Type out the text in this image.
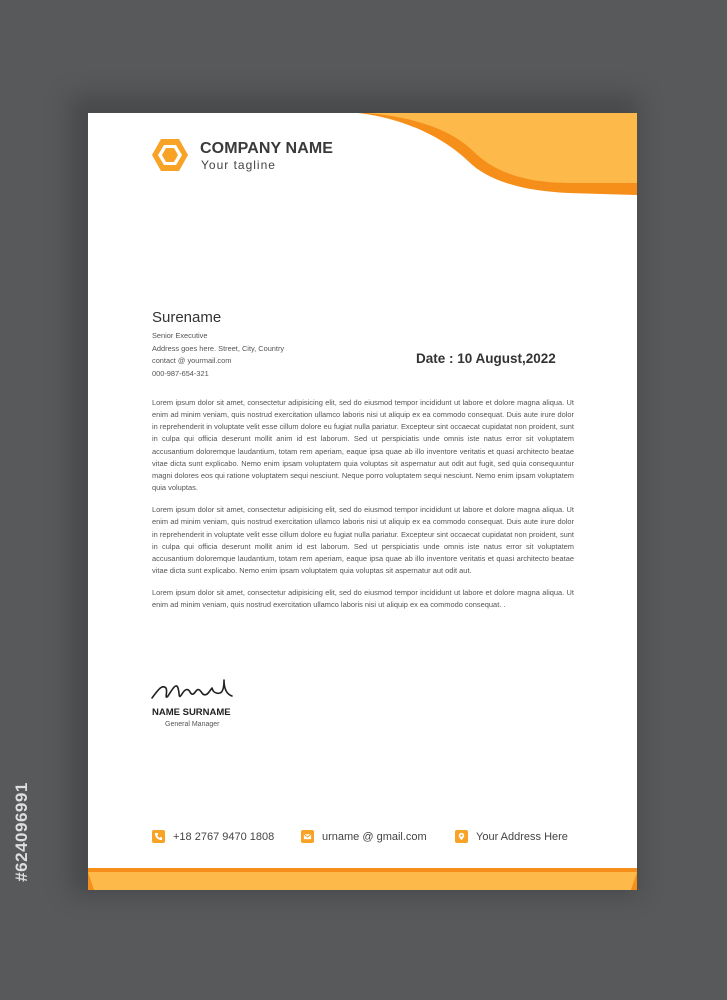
COMPANY NAME
Your tagline
Surename
Senior Executive
Address goes here. Street, City, Country
contact @ yourmail.com
000-987-654-321
Date : 10 August,2022

Lorem ipsum dolor sit amet, consectetur adipisicing elit, sed do eiusmod tempor incididunt ut labore et dolore magna aliqua. Ut enim ad minim veniam, quis nostrud exercitation ullamco laboris nisi ut aliquip ex ea commodo consequat. Duis aute irure dolor in reprehenderit in voluptate velit esse cillum dolore eu fugiat nulla pariatur. Excepteur sint occaecat cupidatat non proident, sunt in culpa qui officia deserunt mollit anim id est laborum. Sed ut perspiciatis unde omnis iste natus error sit voluptatem accusantium doloremque laudantium, totam rem aperiam, eaque ipsa quae ab illo inventore veritatis et quasi architecto beatae vitae dicta sunt explicabo. Nemo enim ipsam voluptatem quia voluptas sit aspernatur aut odit aut fugit, sed quia consequuntur magni dolores eos qui ratione voluptatem sequi nesciunt. Neque porro voluptatem sequi nesciunt. Nemo enim ipsam voluptatem quia voluptas.

Lorem ipsum dolor sit amet, consectetur adipisicing elit, sed do eiusmod tempor incididunt ut labore et dolore magna aliqua. Ut enim ad minim veniam, quis nostrud exercitation ullamco laboris nisi ut aliquip ex ea commodo consequat. Duis aute irure dolor in reprehenderit in voluptate velit esse cillum dolore eu fugiat nulla pariatur. Excepteur sint occaecat cupidatat non proident, sunt in culpa qui officia deserunt mollit anim id est laborum. Sed ut perspiciatis unde omnis iste natus error sit voluptatem accusantium doloremque laudantium, totam rem aperiam, eaque ipsa quae ab illo inventore veritatis et quasi architecto beatae vitae dicta sunt explicabo. Nemo enim ipsam voluptatem quia voluptas sit aspernatur aut odit aut.

Lorem ipsum dolor sit amet, consectetur adipisicing elit, sed do eiusmod tempor incididunt ut labore et dolore magna aliqua. Ut enim ad minim veniam, quis nostrud exercitation ullamco laboris nisi ut aliquip ex ea commodo consequat. .

NAME SURNAME
General Manager
+18 2767 9470 1808	urname @ gmail.com	Your Address Here
#624096991
